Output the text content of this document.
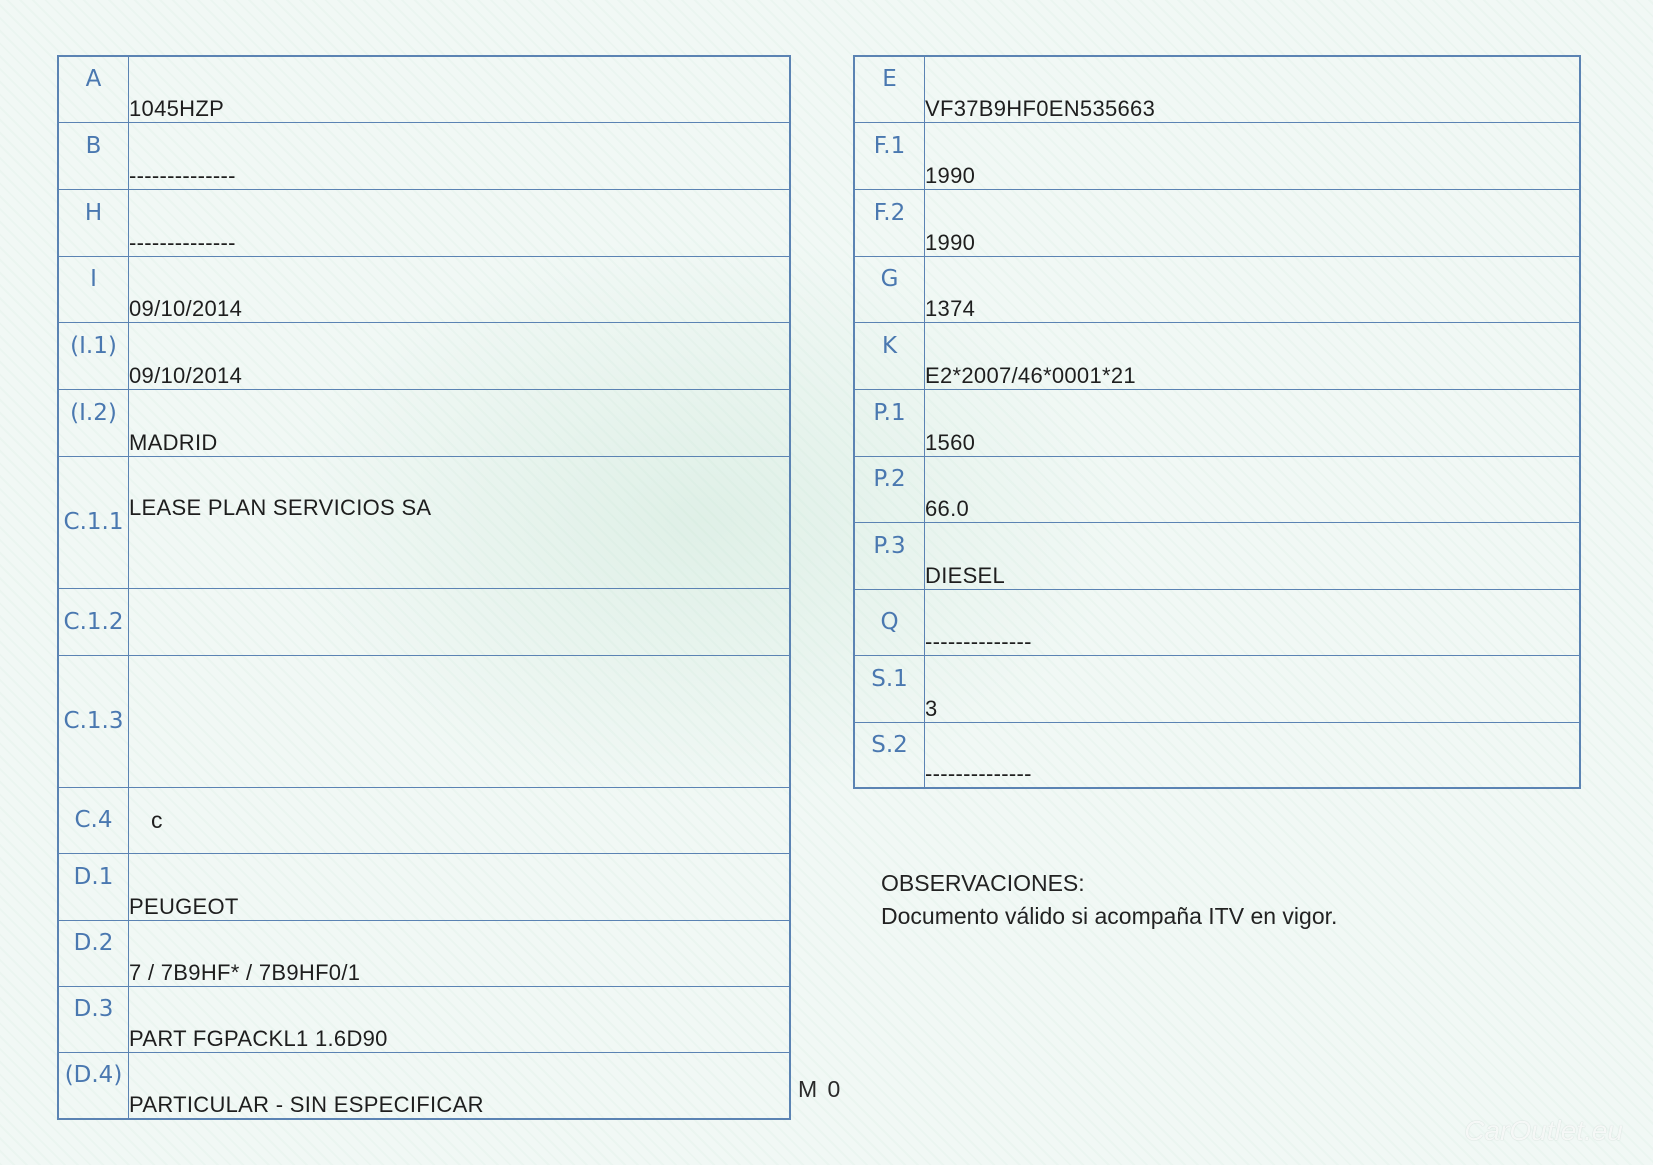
A	1045HZP

B	--------------

H	--------------

I	09/10/2014

(I.1)	09/10/2014

(I.2)	MADRID

C.1.1	LEASE PLAN SERVICIOS SA

C.1.2	

C.1.3	

C.4	c

D.1	PEUGEOT

D.2	7 / 7B9HF* / 7B9HF0/1

D.3	PART FGPACKL1 1.6D90

(D.4)	PARTICULAR - SIN ESPECIFICAR
E	VF37B9HF0EN535663

F.1	1990

F.2	1990

G	1374

K	E2*2007/46*0001*21

P.1	1560

P.2	66.0

P.3	DIESEL

Q	--------------

S.1	3

S.2	--------------
M 0
OBSERVACIONES:
Documento válido si acompaña ITV en vigor.
CarOutlet.eu
